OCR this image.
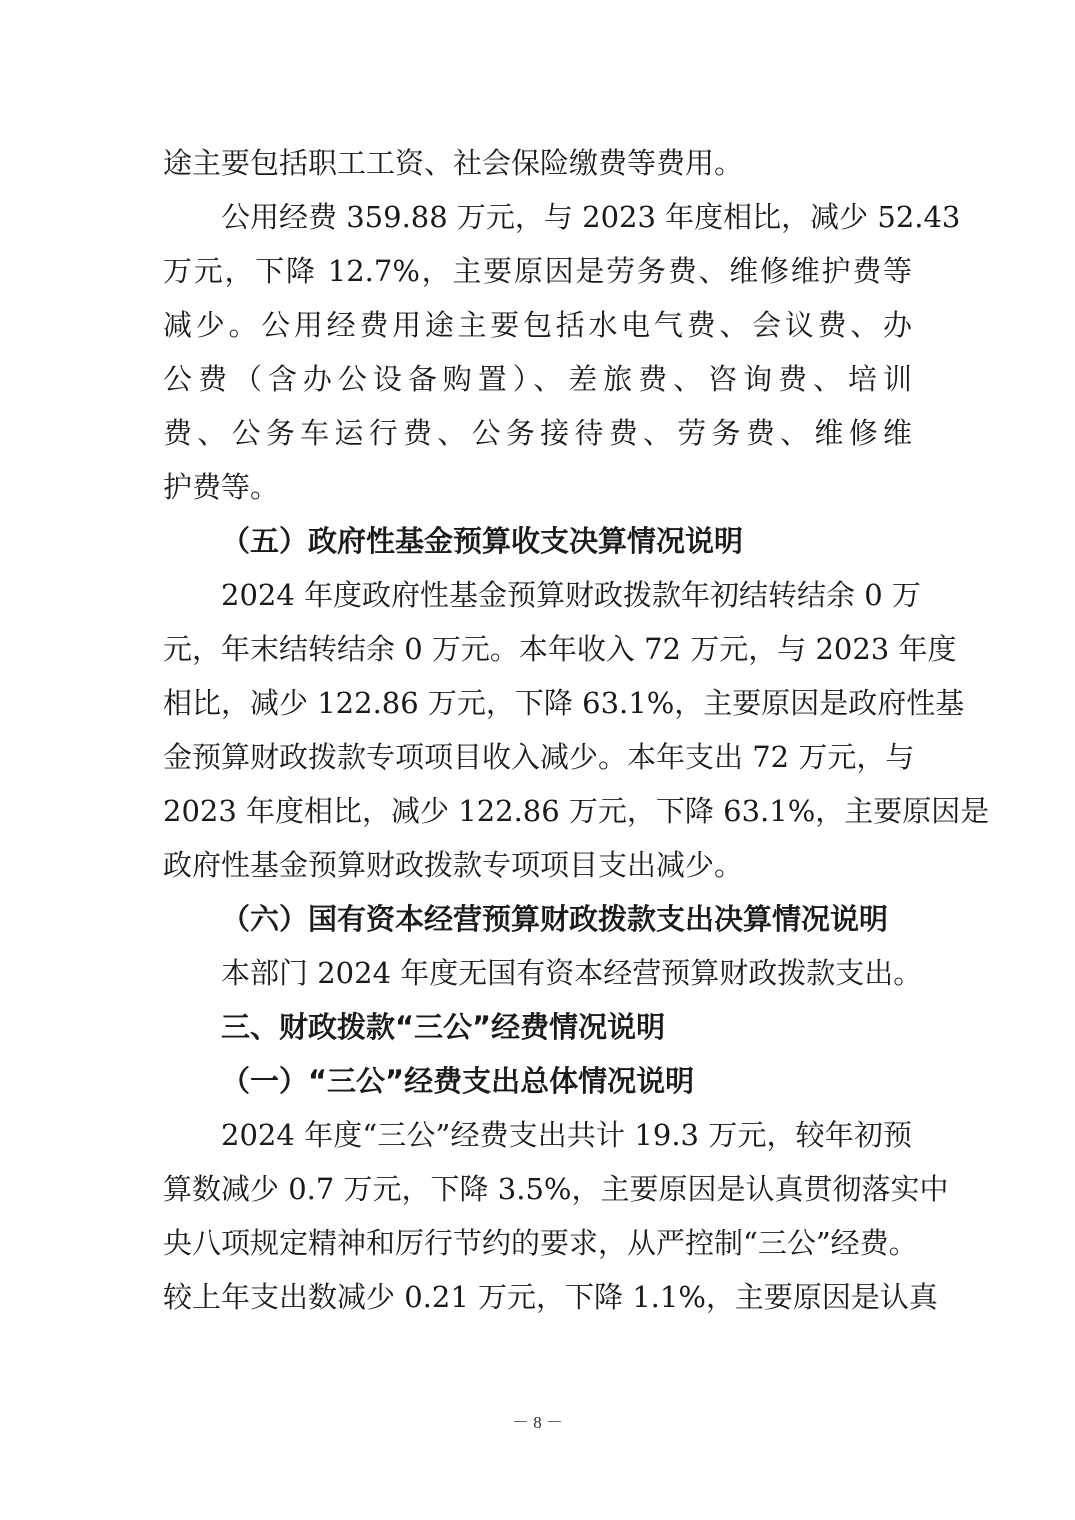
途主要包括职工工资、社会保险缴费等费用。
公用经费 359.88 万元，与 2023 年度相比，减少 52.43
万元，下降 12.7%，主要原因是劳务费、维修维护费等
减少。公用经费用途主要包括水电气费、会议费、办
公费（含办公设备购置）、差旅费、咨询费、培训
费、公务车运行费、公务接待费、劳务费、维修维
护费等。
（五）政府性基金预算收支决算情况说明
2024 年度政府性基金预算财政拨款年初结转结余 0 万
元，年末结转结余 0 万元。本年收入 72 万元，与 2023 年度
相比，减少 122.86 万元，下降 63.1%，主要原因是政府性基
金预算财政拨款专项项目收入减少。本年支出 72 万元，与
2023 年度相比，减少 122.86 万元，下降 63.1%，主要原因是
政府性基金预算财政拨款专项项目支出减少。
（六）国有资本经营预算财政拨款支出决算情况说明
本部门 2024 年度无国有资本经营预算财政拨款支出。
三、财政拨款“三公”经费情况说明
（一）“三公”经费支出总体情况说明
2024 年度“三公”经费支出共计 19.3 万元，较年初预
算数减少 0.7 万元，下降 3.5%，主要原因是认真贯彻落实中
央八项规定精神和厉行节约的要求，从严控制“三公”经费。
较上年支出数减少 0.21 万元，下降 1.1%，主要原因是认真
－ 8 －
